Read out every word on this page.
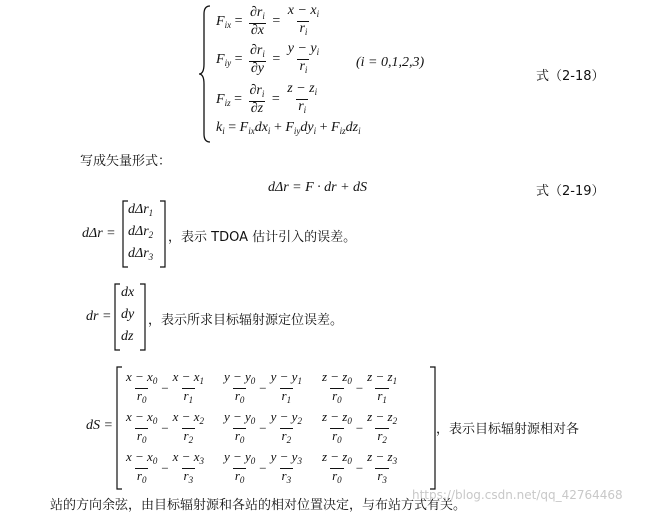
$F_{ix} = \frac{\partial r_i}{\partial x} = \frac{x - x_i}{r_i}$
$F_{iy} = \frac{\partial r_i}{\partial y} = \frac{y - y_i}{r_i}$
$F_{iz} = \frac{\partial r_i}{\partial z} = \frac{z - z_i}{r_i}$
$k_i = F_{ix}dx_i + F_{iy}dy_i + F_{iz}dz_i$
(i = 0,1,2,3)
式（2-18）
写成矢量形式：
dΔr = F · dr + dS	式（2-19）
dΔr =
dΔr$_1$
dΔr$_2$
dΔr$_3$
，表示 TDOA 估计引入的误差。
dr =
dx
dy
dz
，表示所求目标辐射源定位误差。
dS =
$\frac{x - x_0}{r_0} - \frac{x - x_1}{r_1} \frac{y - y_0}{r_0} - \frac{y - y_1}{r_1} \frac{z - z_0}{r_0} - \frac{z - z_1}{r_1}$
$\frac{x - x_0}{r_0} - \frac{x - x_2}{r_2} \frac{y - y_0}{r_0} - \frac{y - y_2}{r_2} \frac{z - z_0}{r_0} - \frac{z - z_2}{r_2}$
$\frac{x - x_0}{r_0} - \frac{x - x_3}{r_3} \frac{y - y_0}{r_0} - \frac{y - y_3}{r_3} \frac{z - z_0}{r_0} - \frac{z - z_3}{r_3}$
，表示目标辐射源相对各
站的方向余弦，由目标辐射源和各站的相对位置决定，与布站方式有关。
https://blog.csdn.net/qq_42764468
